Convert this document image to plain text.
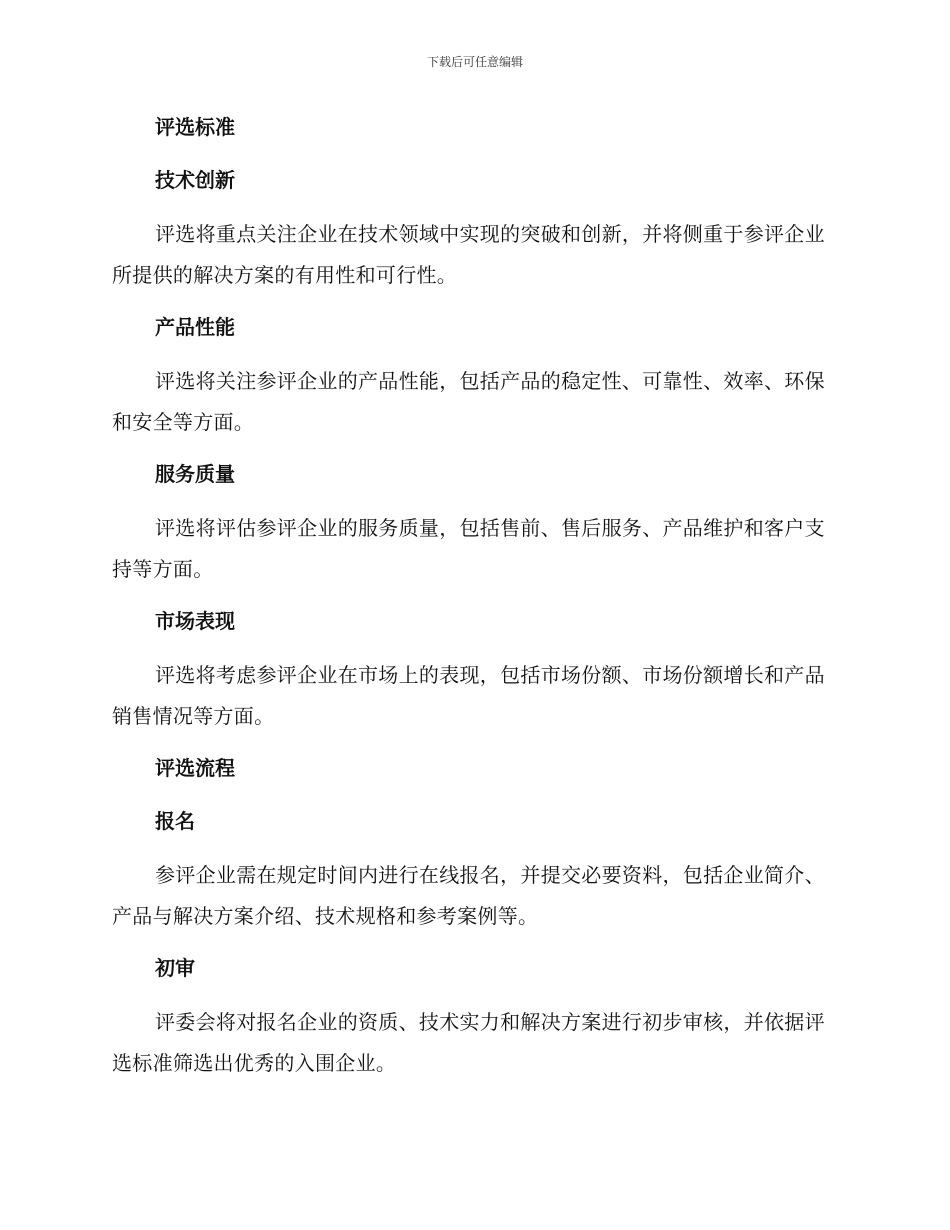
下载后可任意编辑
评选标准
技术创新

评选将重点关注企业在技术领域中实现的突破和创新，并将侧重于参评企业所提供的解决方案的有用性和可行性。

产品性能

评选将关注参评企业的产品性能，包括产品的稳定性、可靠性、效率、环保和安全等方面。

服务质量

评选将评估参评企业的服务质量，包括售前、售后服务、产品维护和客户支持等方面。

市场表现

评选将考虑参评企业在市场上的表现，包括市场份额、市场份额增长和产品销售情况等方面。

评选流程
报名

参评企业需在规定时间内进行在线报名，并提交必要资料，包括企业简介、产品与解决方案介绍、技术规格和参考案例等。

初审

评委会将对报名企业的资质、技术实力和解决方案进行初步审核，并依据评选标准筛选出优秀的入围企业。
